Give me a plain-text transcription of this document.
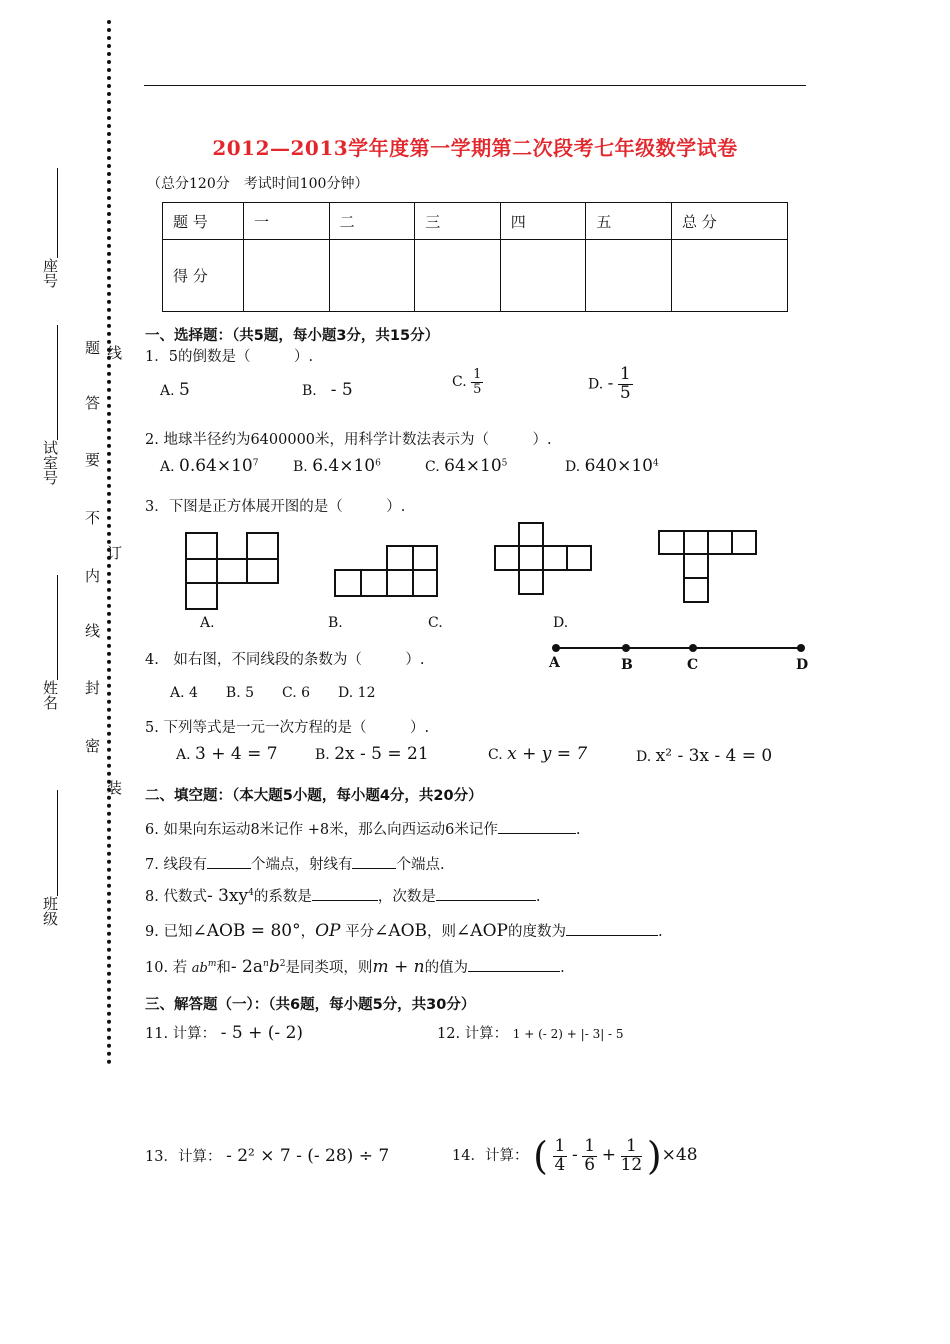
座号
试室号
姓名
班级
题 线
答
要
不
订
内
线
封
密
装
2012—2013学年度第一学期第二次段考七年级数学试卷
（总分120分　考试时间100分钟）
题 号	一	二	三	四	五	总 分
得 分						
一、选择题：（共5题，每小题3分，共15分）
1．5的倒数是（　　　）.
A. 5	B.　 - 5	C. $\frac{1}{5}$	D. - $\frac{1}{5}$
2. 地球半径约为6400000米，用科学计数法表示为（　　　）.
A. $0.64\times 10^7$ B. $6.4\times 10^6$	C. $64\times 10^5$	D. $640\times 10^4$
3．下图是正方体展开图的是（　　　）.
A.	B.	C.	D.
4.　如右图，不同线段的条数为（　　　）.
A. 4　　B. 5　　C. 6　　D. 12
A	B	C	D
5. 下列等式是一元一次方程的是（　　　）.
A. 3 + 4 = 7	B. 2x - 5 = 21	C. x + y = 7	D. x² - 3x - 4 = 0
二、填空题：（本大题5小题，每小题4分，共20分）
6. 如果向东运动8米记作 +8米，那么向西运动6米记作	.
7. 线段有	个端点，射线有	个端点.
8. 代数式- $3xy^4$的系数是	，次数是	.
9. 已知∠AOB = 80°，OP 平分∠AOB，则∠AOP的度数为	.
10. 若 $ab^m$和- $2a^nb^2$是同类项，则m + n的值为	.
三、解答题（一）：（共6题，每小题5分，共30分）
11. 计算： - 5 + (- 2)	12. 计算： 1 + (- 2) + |- 3| - 5
13．计算： - 2² × 7 - (- 28) ÷ 7	14．计算： ( $\frac{1}{4} - \frac{1}{6} + \frac{1}{12} )\times 48$
